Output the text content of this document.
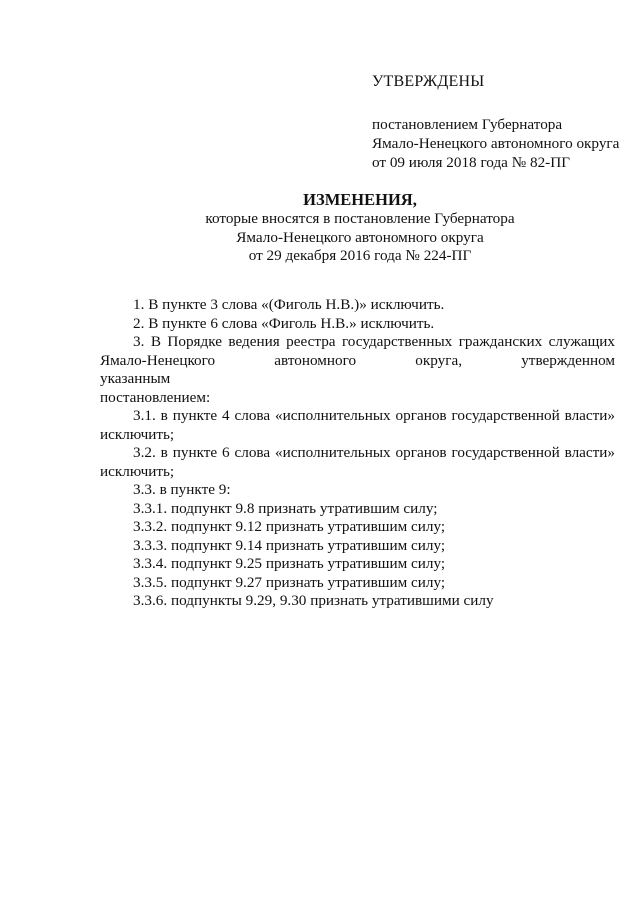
УТВЕРЖДЕНЫ
постановлением Губернатора
Ямало-Ненецкого автономного округа
от 09 июля 2018 года № 82-ПГ
ИЗМЕНЕНИЯ,
которые вносятся в постановление Губернатора
Ямало-Ненецкого автономного округа
от 29 декабря 2016 года № 224-ПГ

1. В пункте 3 слова «(Фиголь Н.В.)» исключить.

2. В пункте 6 слова «Фиголь Н.В.» исключить.

3. В Порядке ведения реестра государственных гражданских служащих

Ямало-Ненецкого автономного округа, утвержденном указанным

постановлением:

3.1. в пункте 4 слова «исполнительных органов государственной власти»

исключить;

3.2. в пункте 6 слова «исполнительных органов государственной власти»

исключить;

3.3. в пункте 9:

3.3.1. подпункт 9.8 признать утратившим силу;

3.3.2. подпункт 9.12 признать утратившим силу;

3.3.3. подпункт 9.14 признать утратившим силу;

3.3.4. подпункт 9.25 признать утратившим силу;

3.3.5. подпункт 9.27 признать утратившим силу;

3.3.6. подпункты 9.29, 9.30 признать утратившими силу
